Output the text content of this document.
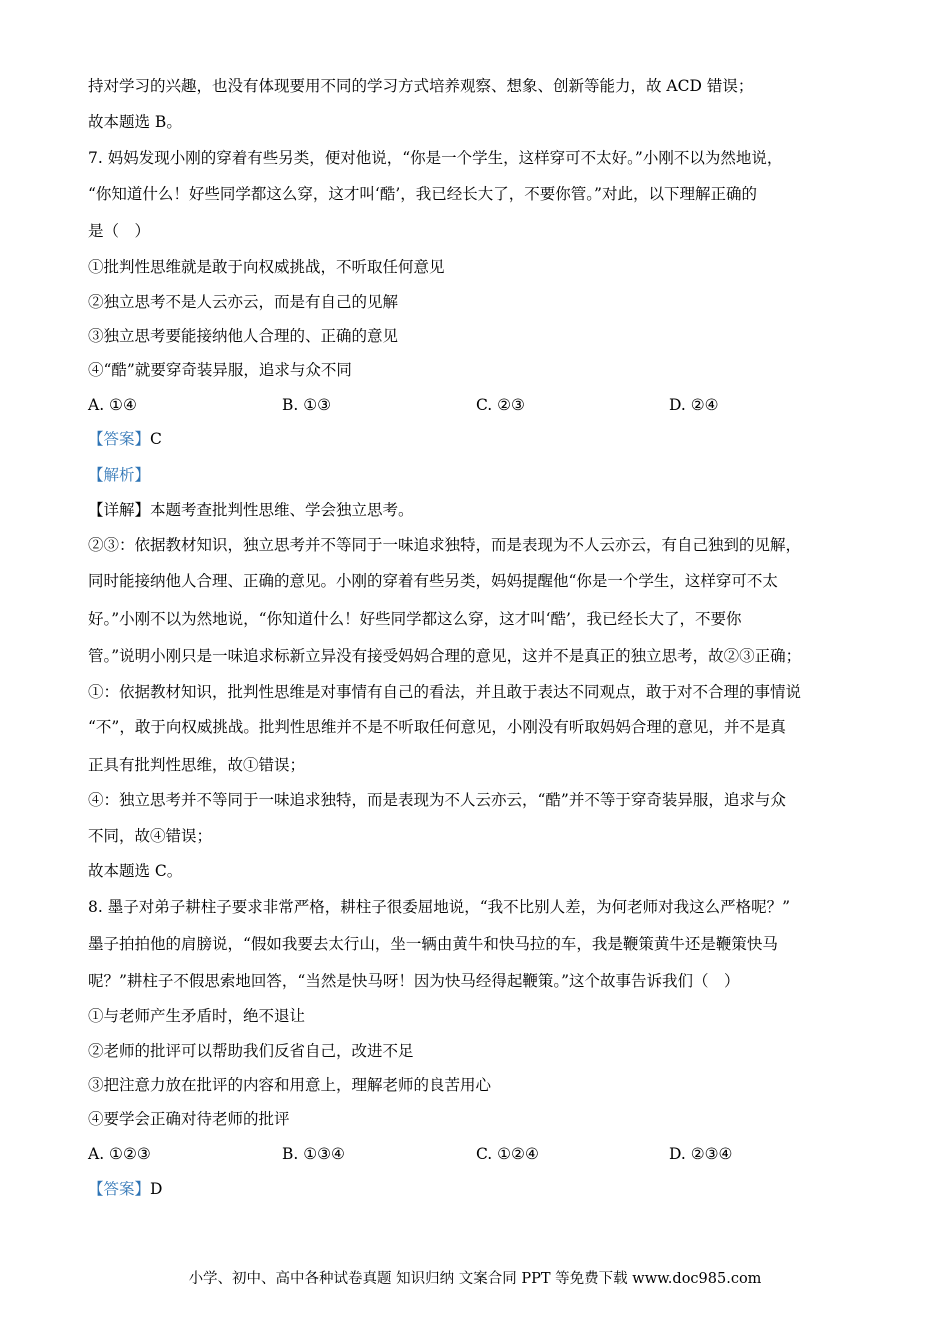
持对学习的兴趣，也没有体现要用不同的学习方式培养观察、想象、创新等能力，故 ACD 错误；
故本题选 B。
7. 妈妈发现小刚的穿着有些另类，便对他说，“你是一个学生，这样穿可不太好。”小刚不以为然地说，
“你知道什么！好些同学都这么穿，这才叫‘酷’，我已经长大了，不要你管。”对此，以下理解正确的
是（　）
①批判性思维就是敢于向权威挑战，不听取任何意见
②独立思考不是人云亦云，而是有自己的见解
③独立思考要能接纳他人合理的、正确的意见
④“酷”就要穿奇装异服，追求与众不同
A. ①④	B. ①③	C. ②③	D. ②④
【答案】C
【解析】
【详解】本题考查批判性思维、学会独立思考。
②③：依据教材知识，独立思考并不等同于一味追求独特，而是表现为不人云亦云，有自己独到的见解，
同时能接纳他人合理、正确的意见。小刚的穿着有些另类，妈妈提醒他“你是一个学生，这样穿可不太
好。”小刚不以为然地说，“你知道什么！好些同学都这么穿，这才叫‘酷’，我已经长大了，不要你
管。”说明小刚只是一味追求标新立异没有接受妈妈合理的意见，这并不是真正的独立思考，故②③正确；
①：依据教材知识，批判性思维是对事情有自己的看法，并且敢于表达不同观点，敢于对不合理的事情说
“不”，敢于向权威挑战。批判性思维并不是不听取任何意见，小刚没有听取妈妈合理的意见，并不是真
正具有批判性思维，故①错误；
④：独立思考并不等同于一味追求独特，而是表现为不人云亦云，“酷”并不等于穿奇装异服，追求与众
不同，故④错误；
故本题选 C。
8. 墨子对弟子耕柱子要求非常严格，耕柱子很委屈地说，“我不比别人差，为何老师对我这么严格呢？”
墨子拍拍他的肩膀说，“假如我要去太行山，坐一辆由黄牛和快马拉的车，我是鞭策黄牛还是鞭策快马
呢？”耕柱子不假思索地回答，“当然是快马呀！因为快马经得起鞭策。”这个故事告诉我们（　）
①与老师产生矛盾时，绝不退让
②老师的批评可以帮助我们反省自己，改进不足
③把注意力放在批评的内容和用意上，理解老师的良苦用心
④要学会正确对待老师的批评
A. ①②③	B. ①③④	C. ①②④	D. ②③④
【答案】D
小学、初中、高中各种试卷真题 知识归纳 文案合同 PPT 等免费下载 www.doc985.com
